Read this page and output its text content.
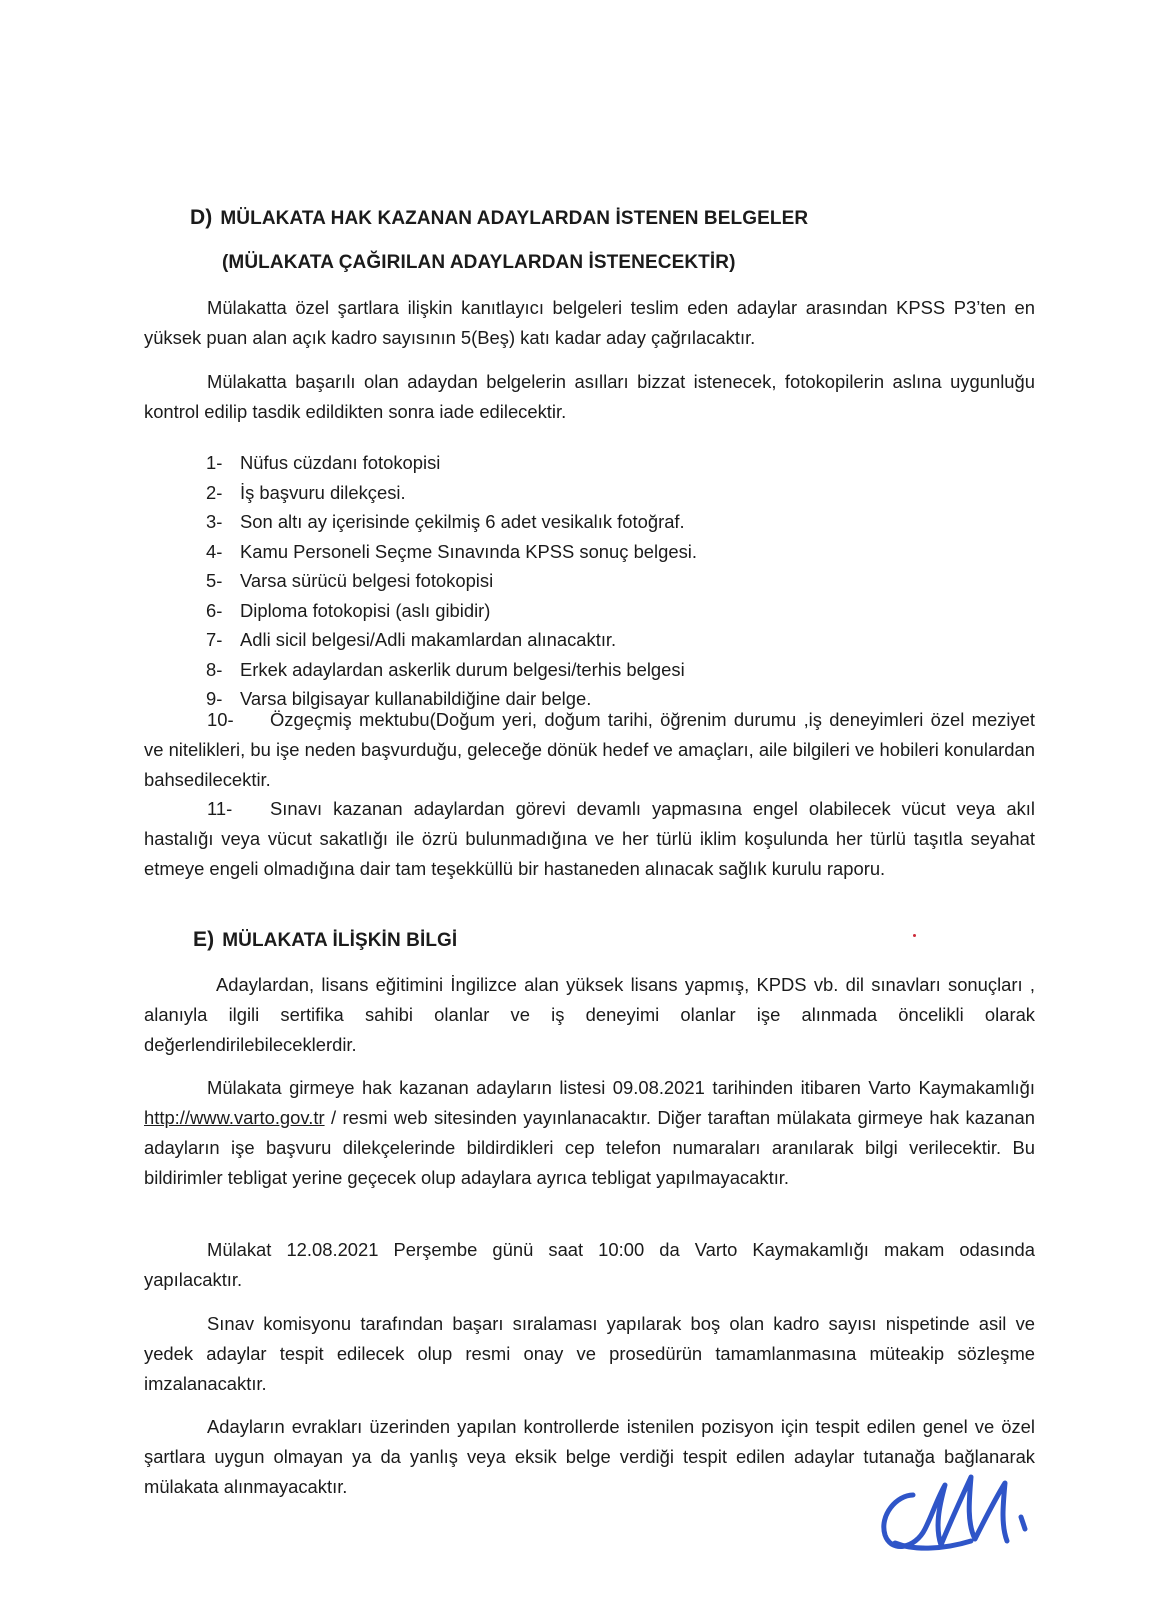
D) MÜLAKATA HAK KAZANAN ADAYLARDAN İSTENEN BELGELER
(MÜLAKATA ÇAĞIRILAN ADAYLARDAN İSTENECEKTİR)

Mülakatta özel şartlara ilişkin kanıtlayıcı belgeleri teslim eden adaylar arasından KPSS P3’ten en yüksek puan alan açık kadro sayısının 5(Beş) katı kadar aday çağrılacaktır.

Mülakatta başarılı olan adaydan belgelerin asılları bizzat istenecek, fotokopilerin aslına uygunluğu kontrol edilip tasdik edildikten sonra iade edilecektir.

1- Nüfus cüzdanı fotokopisi
2- İş başvuru dilekçesi.
3- Son altı ay içerisinde çekilmiş 6 adet vesikalık fotoğraf.
4- Kamu Personeli Seçme Sınavında KPSS sonuç belgesi.
5- Varsa sürücü belgesi fotokopisi
6- Diploma fotokopisi (aslı gibidir)
7- Adli sicil belgesi/Adli makamlardan alınacaktır.
8- Erkek adaylardan askerlik durum belgesi/terhis belgesi
9- Varsa bilgisayar kullanabildiğine dair belge.

10- Özgeçmiş mektubu(Doğum yeri, doğum tarihi, öğrenim durumu ,iş deneyimleri özel meziyet ve nitelikleri, bu işe neden başvurduğu, geleceğe dönük hedef ve amaçları, aile bilgileri ve hobileri konulardan bahsedilecektir.

11- Sınavı kazanan adaylardan görevi devamlı yapmasına engel olabilecek vücut veya akıl hastalığı veya vücut sakatlığı ile özrü bulunmadığına ve her türlü iklim koşulunda her türlü taşıtla seyahat etmeye engeli olmadığına dair tam teşekküllü bir hastaneden alınacak sağlık kurulu raporu.

E) MÜLAKATA İLİŞKİN BİLGİ

Adaylardan, lisans eğitimini İngilizce alan yüksek lisans yapmış, KPDS vb. dil sınavları sonuçları , alanıyla ilgili sertifika sahibi olanlar ve iş deneyimi olanlar işe alınmada öncelikli olarak değerlendirilebileceklerdir.

Mülakata girmeye hak kazanan adayların listesi 09.08.2021 tarihinden itibaren Varto Kaymakamlığı http://www.varto.gov.tr / resmi web sitesinden yayınlanacaktır. Diğer taraftan mülakata girmeye hak kazanan adayların işe başvuru dilekçelerinde bildirdikleri cep telefon numaraları aranılarak bilgi verilecektir. Bu bildirimler tebligat yerine geçecek olup adaylara ayrıca tebligat yapılmayacaktır.

Mülakat 12.08.2021 Perşembe günü saat 10:00 da Varto Kaymakamlığı makam odasında yapılacaktır.

Sınav komisyonu tarafından başarı sıralaması yapılarak boş olan kadro sayısı nispetinde asil ve yedek adaylar tespit edilecek olup resmi onay ve prosedürün tamamlanmasına müteakip sözleşme imzalanacaktır.

Adayların evrakları üzerinden yapılan kontrollerde istenilen pozisyon için tespit edilen genel ve özel şartlara uygun olmayan ya da yanlış veya eksik belge verdiği tespit edilen adaylar tutanağa bağlanarak mülakata alınmayacaktır.
